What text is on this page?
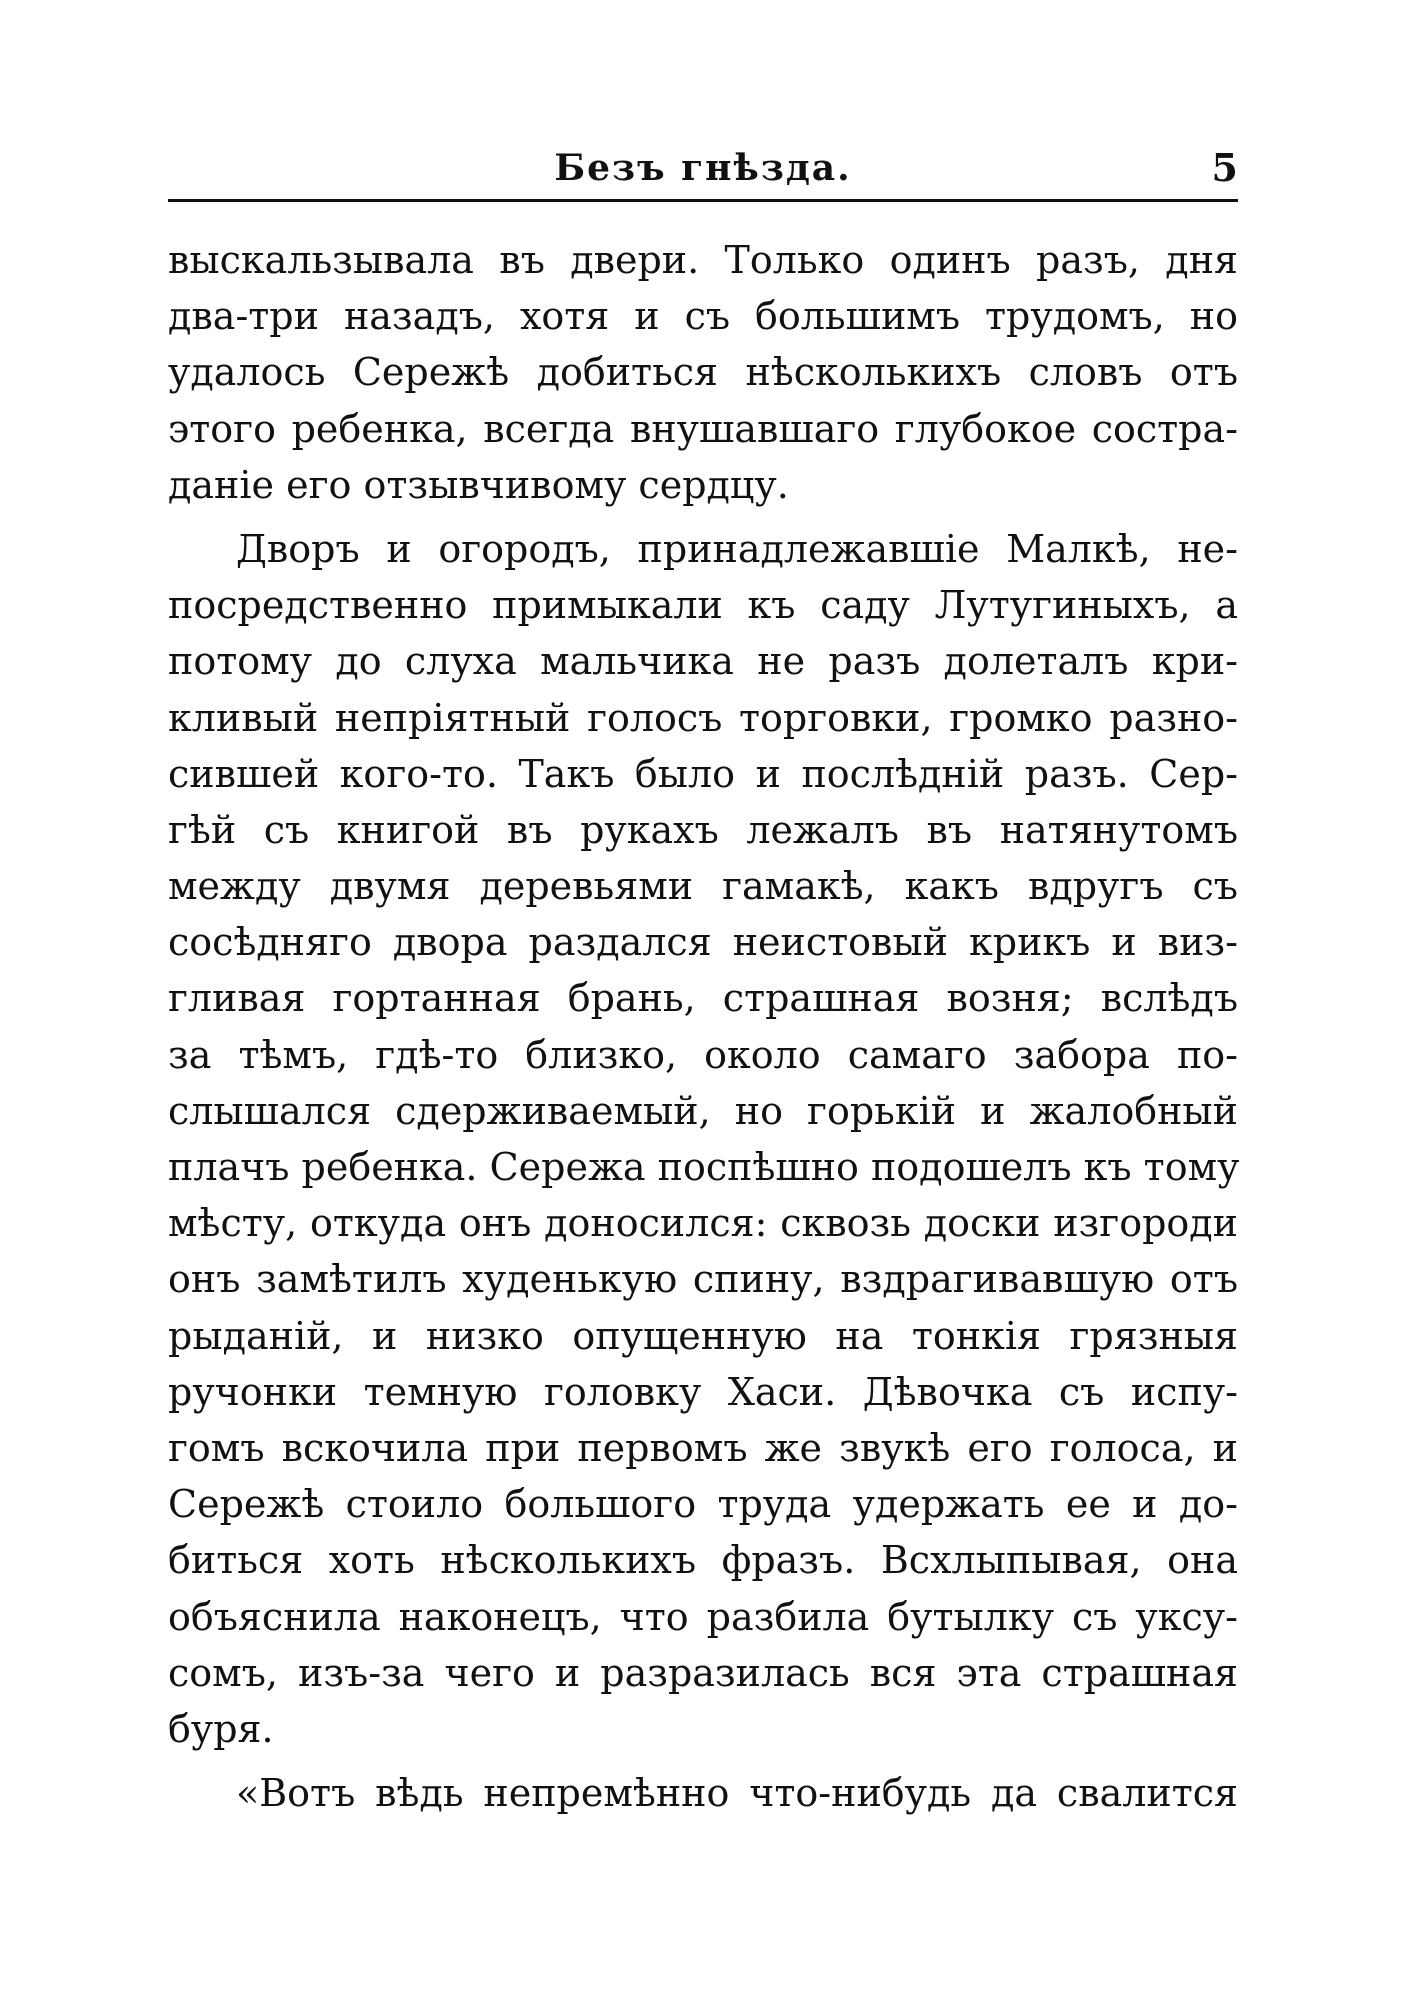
Безъ гнѣзда.	5
выскальзывала въ двери. Только одинъ разъ, дня
два-три назадъ, хотя и съ большимъ трудомъ, но
удалось Сережѣ добиться нѣсколькихъ словъ отъ
этого ребенка, всегда внушавшаго глубокое состра-
даніе его отзывчивому сердцу.
Дворъ и огородъ, принадлежавшіе Малкѣ, не-
посредственно примыкали къ саду Лутугиныхъ, а
потому до слуха мальчика не разъ долеталъ кри-
кливый непріятный голосъ торговки, громко разно-
сившей кого-то. Такъ было и послѣдній разъ. Сер-
гѣй съ книгой въ рукахъ лежалъ въ натянутомъ
между двумя деревьями гамакѣ, какъ вдругъ съ
сосѣдняго двора раздался неистовый крикъ и виз-
гливая гортанная брань, страшная возня; вслѣдъ
за тѣмъ, гдѣ-то близко, около самаго забора по-
слышался сдерживаемый, но горькій и жалобный
плачъ ребенка. Сережа поспѣшно подошелъ къ тому
мѣсту, откуда онъ доносился: сквозь доски изгороди
онъ замѣтилъ худенькую спину, вздрагивавшую отъ
рыданій, и низко опущенную на тонкія грязныя
ручонки темную головку Хаси. Дѣвочка съ испу-
гомъ вскочила при первомъ же звукѣ его голоса, и
Сережѣ стоило большого труда удержать ее и до-
биться хоть нѣсколькихъ фразъ. Всхлыпывая, она
объяснила наконецъ, что разбила бутылку съ уксу-
сомъ, изъ-за чего и разразилась вся эта страшная
буря.
«Вотъ вѣдь непремѣнно что-нибудь да свалится
